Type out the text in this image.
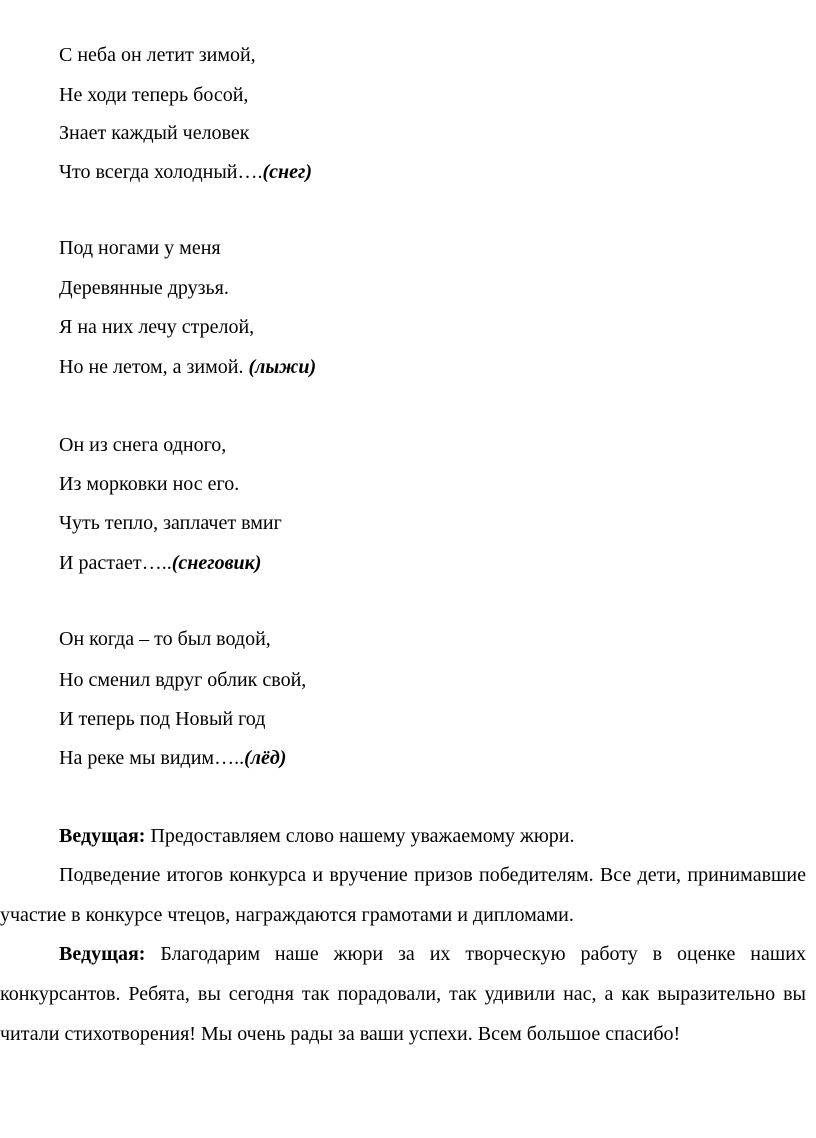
С неба он летит зимой,
Не ходи теперь босой,
Знает каждый человек
Что всегда холодный….(снег)
Под ногами у меня
Деревянные друзья.
Я на них лечу стрелой,
Но не летом, а зимой. (лыжи)
Он из снега одного,
Из морковки нос его.
Чуть тепло, заплачет вмиг
И растает…..(снеговик)
Он когда – то был водой,
Но сменил вдруг облик свой,
И теперь под Новый год
На реке мы видим…..(лёд)
Ведущая: Предоставляем слово нашему уважаемому жюри.
Подведение итогов конкурса и вручение призов победителям. Все дети, принимавшие участие в конкурсе чтецов, награждаются грамотами и дипломами.
Ведущая: Благодарим наше жюри за их творческую работу в оценке наших конкурсантов. Ребята, вы сегодня так порадовали, так удивили нас, а как выразительно вы читали стихотворения! Мы очень рады за ваши успехи. Всем большое спасибо!
